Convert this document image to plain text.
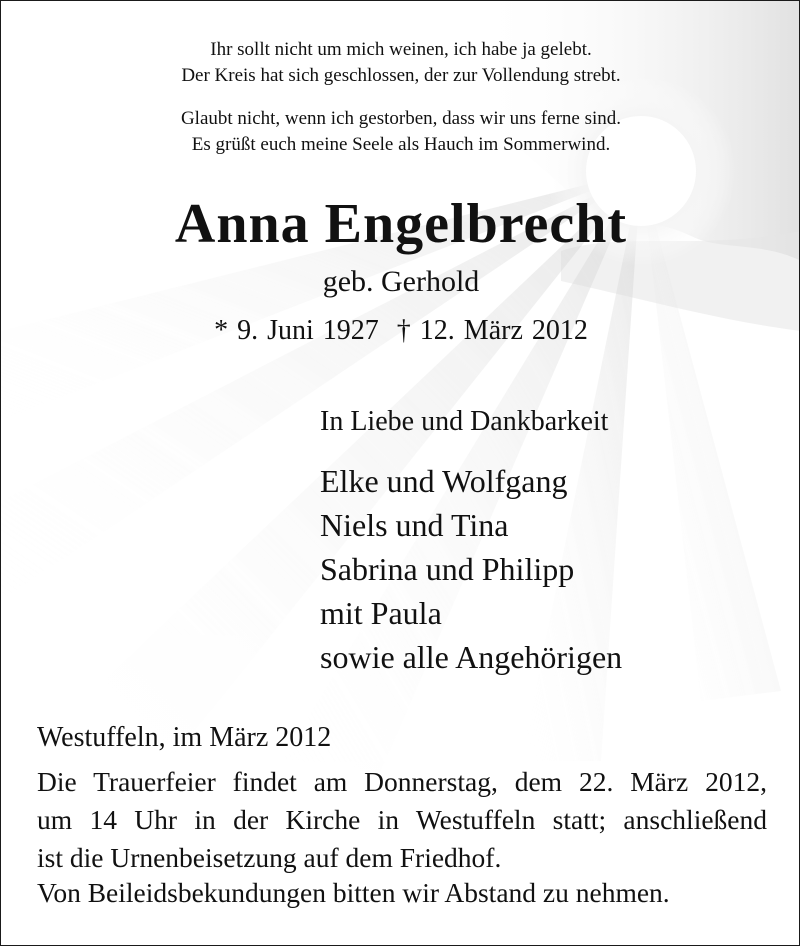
Ihr sollt nicht um mich weinen, ich habe ja gelebt.
Der Kreis hat sich geschlossen, der zur Vollendung strebt.
Glaubt nicht, wenn ich gestorben, dass wir uns ferne sind.
Es grüßt euch meine Seele als Hauch im Sommerwind.
Anna Engelbrecht
geb. Gerhold
* 9. Juni 1927 † 12. März 2012
In Liebe und Dankbarkeit
Elke und Wolfgang
Niels und Tina
Sabrina und Philipp
mit Paula
sowie alle Angehörigen
Westuffeln, im März 2012
Die Trauerfeier findet am Donnerstag, dem 22. März 2012,
um 14 Uhr in der Kirche in Westuffeln statt; anschließend
ist die Urnenbeisetzung auf dem Friedhof.
Von Beileidsbekundungen bitten wir Abstand zu nehmen.
